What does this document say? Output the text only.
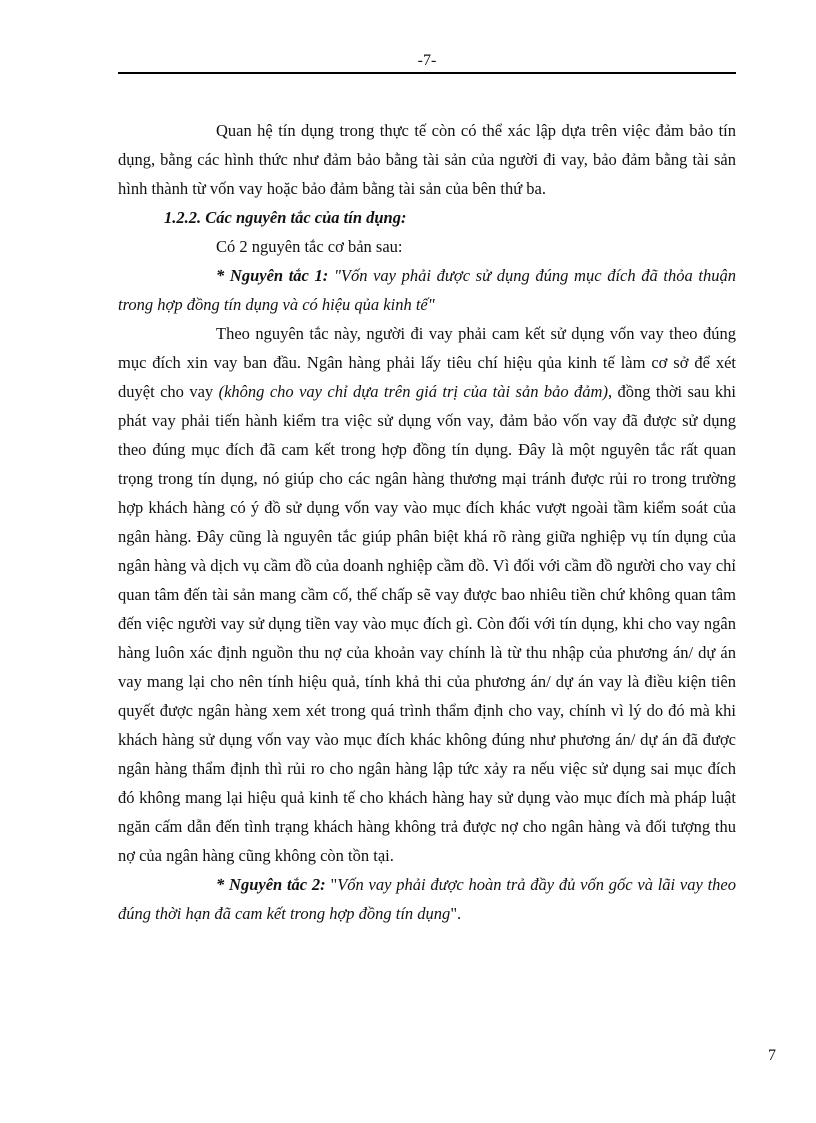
-7-

Quan hệ tín dụng trong thực tế còn có thể xác lập dựa trên việc đảm bảo tín dụng, bằng các hình thức như đảm bảo bằng tài sản của người đi vay, bảo đảm bằng tài sản hình thành từ vốn vay hoặc bảo đảm bằng tài sản của bên thứ ba.

1.2.2. Các nguyên tắc của tín dụng:

Có 2 nguyên tắc cơ bản sau:

* Nguyên tắc 1: "Vốn vay phải được sử dụng đúng mục đích đã thỏa thuận trong hợp đồng tín dụng và có hiệu qủa kinh tế"

Theo nguyên tắc này, người đi vay phải cam kết sử dụng vốn vay theo đúng mục đích xin vay ban đầu. Ngân hàng phải lấy tiêu chí hiệu qủa kinh tế làm cơ sở để xét duyệt cho vay (không cho vay chỉ dựa trên giá trị của tài sản bảo đảm), đồng thời sau khi phát vay phải tiến hành kiểm tra việc sử dụng vốn vay, đảm bảo vốn vay đã được sử dụng theo đúng mục đích đã cam kết trong hợp đồng tín dụng. Đây là một nguyên tắc rất quan trọng trong tín dụng, nó giúp cho các ngân hàng thương mại tránh được rủi ro trong trường hợp khách hàng có ý đồ sử dụng vốn vay vào mục đích khác vượt ngoài tầm kiểm soát của ngân hàng. Đây cũng là nguyên tắc giúp phân biệt khá rõ ràng giữa nghiệp vụ tín dụng của ngân hàng và dịch vụ cầm đồ của doanh nghiệp cầm đồ. Vì đối với cầm đồ người cho vay chỉ quan tâm đến tài sản mang cầm cố, thế chấp sẽ vay được bao nhiêu tiền chứ không quan tâm đến việc người vay sử dụng tiền vay vào mục đích gì. Còn đối với tín dụng, khi cho vay ngân hàng luôn xác định nguồn thu nợ của khoản vay chính là từ thu nhập của phương án/ dự án vay mang lại cho nên tính hiệu quả, tính khả thi của phương án/ dự án vay là điều kiện tiên quyết được ngân hàng xem xét trong quá trình thẩm định cho vay, chính vì lý do đó mà khi khách hàng sử dụng vốn vay vào mục đích khác không đúng như phương án/ dự án đã được ngân hàng thẩm định thì rủi ro cho ngân hàng lập tức xảy ra nếu việc sử dụng sai mục đích đó không mang lại hiệu quả kinh tế cho khách hàng hay sử dụng vào mục đích mà pháp luật ngăn cấm dẫn đến tình trạng khách hàng không trả được nợ cho ngân hàng và đối tượng thu nợ của ngân hàng cũng không còn tồn tại.

* Nguyên tắc 2: "Vốn vay phải được hoàn trả đầy đủ vốn gốc và lãi vay theo đúng thời hạn đã cam kết trong hợp đồng tín dụng".

7
